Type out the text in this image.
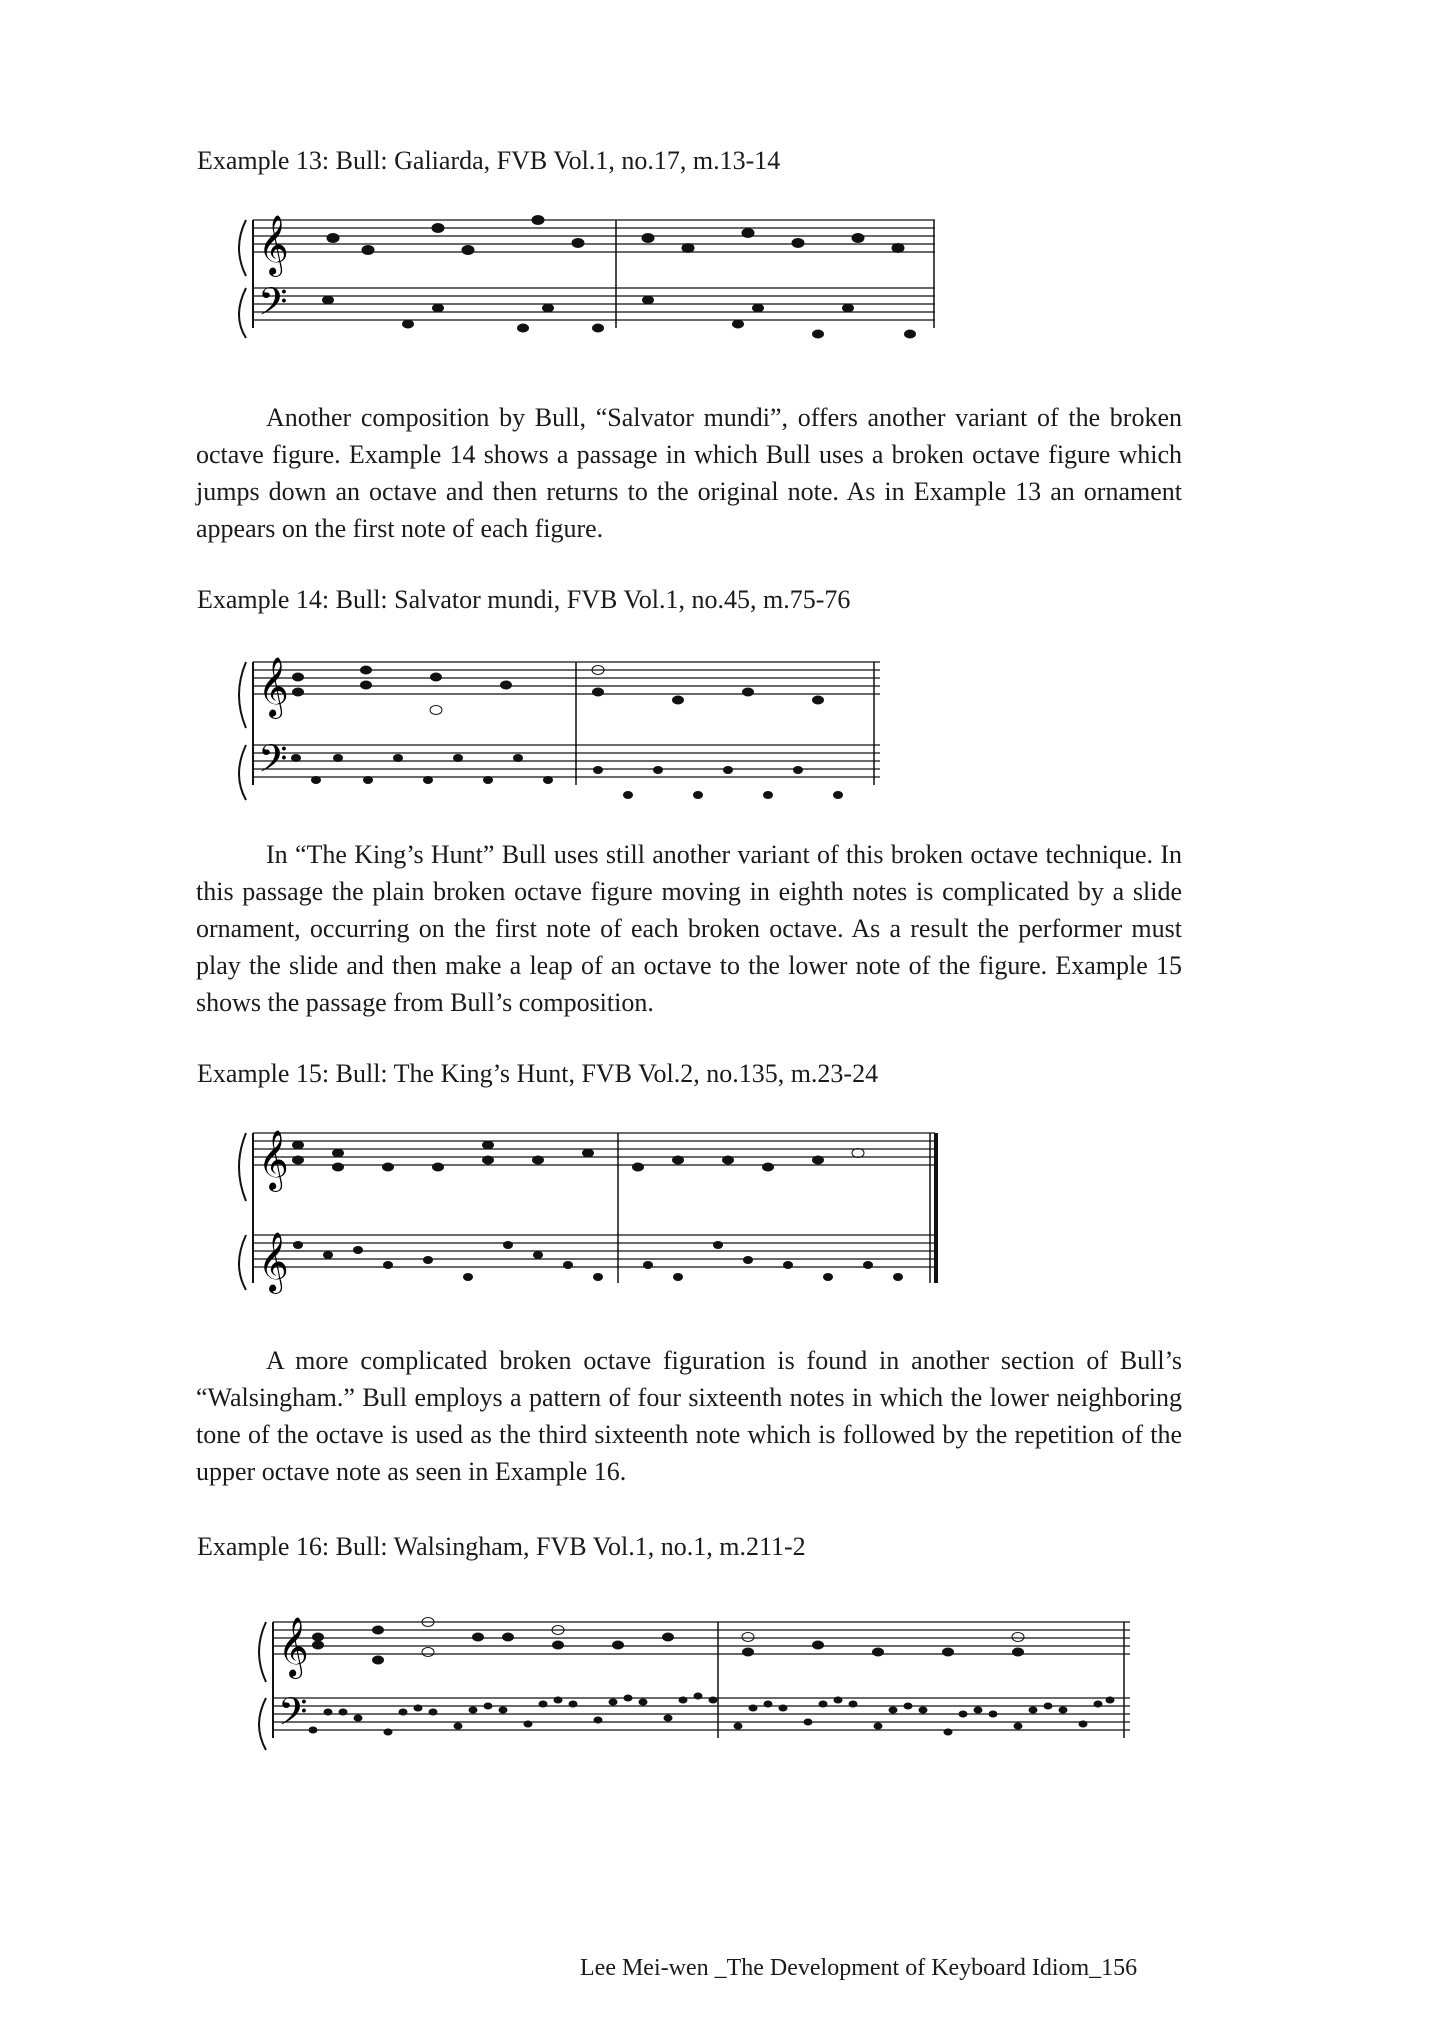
Example 13: Bull: Galiarda, FVB Vol.1, no.17, m.13-14
𝄞
𝄢

Another composition by Bull, “Salvator mundi”, offers another variant of the broken octave figure. Example 14 shows a passage in which Bull uses a broken octave figure which jumps down an octave and then returns to the original note. As in Example 13 an ornament appears on the first note of each figure.

Example 14: Bull: Salvator mundi, FVB Vol.1, no.45, m.75-76
𝄞
𝄢

In “The King’s Hunt” Bull uses still another variant of this broken octave technique. In this passage the plain broken octave figure moving in eighth notes is complicated by a slide ornament, occurring on the first note of each broken octave. As a result the performer must play the slide and then make a leap of an octave to the lower note of the figure. Example 15 shows the passage from Bull’s composition.

Example 15: Bull: The King’s Hunt, FVB Vol.2, no.135, m.23-24
𝄞
𝄞

A more complicated broken octave figuration is found in another section of Bull’s “Walsingham.” Bull employs a pattern of four sixteenth notes in which the lower neighboring tone of the octave is used as the third sixteenth note which is followed by the repetition of the upper octave note as seen in Example 16.

Example 16: Bull: Walsingham, FVB Vol.1, no.1, m.211-2
𝄞
𝄢
Lee Mei-wen _The Development of Keyboard Idiom_156
